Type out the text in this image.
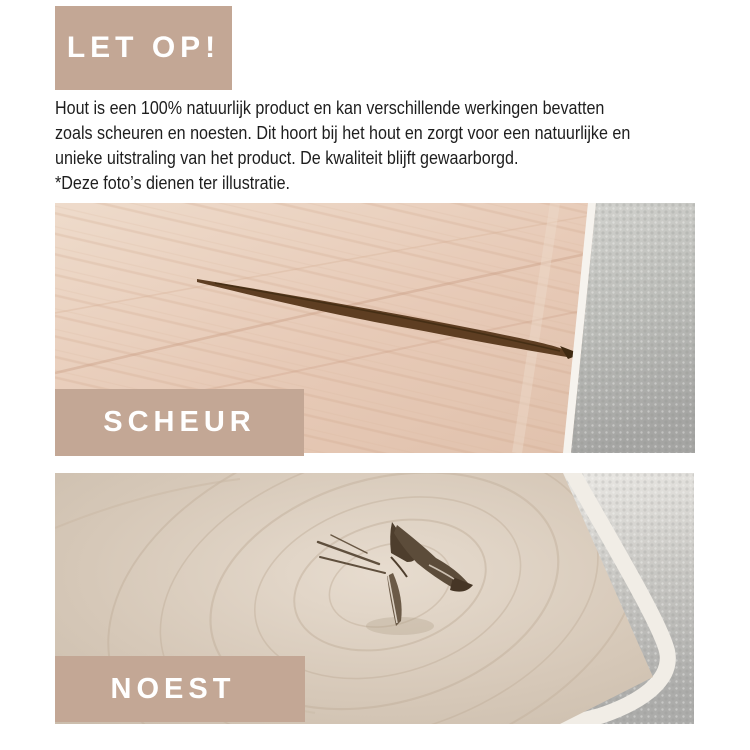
LET OP!
Hout is een 100% natuurlijk product en kan verschillende werkingen bevatten
zoals scheuren en noesten. Dit hoort bij het hout en zorgt voor een natuurlijke en
unieke uitstraling van het product. De kwaliteit blijft gewaarborgd.
*Deze foto’s dienen ter illustratie.
SCHEUR
NOEST
